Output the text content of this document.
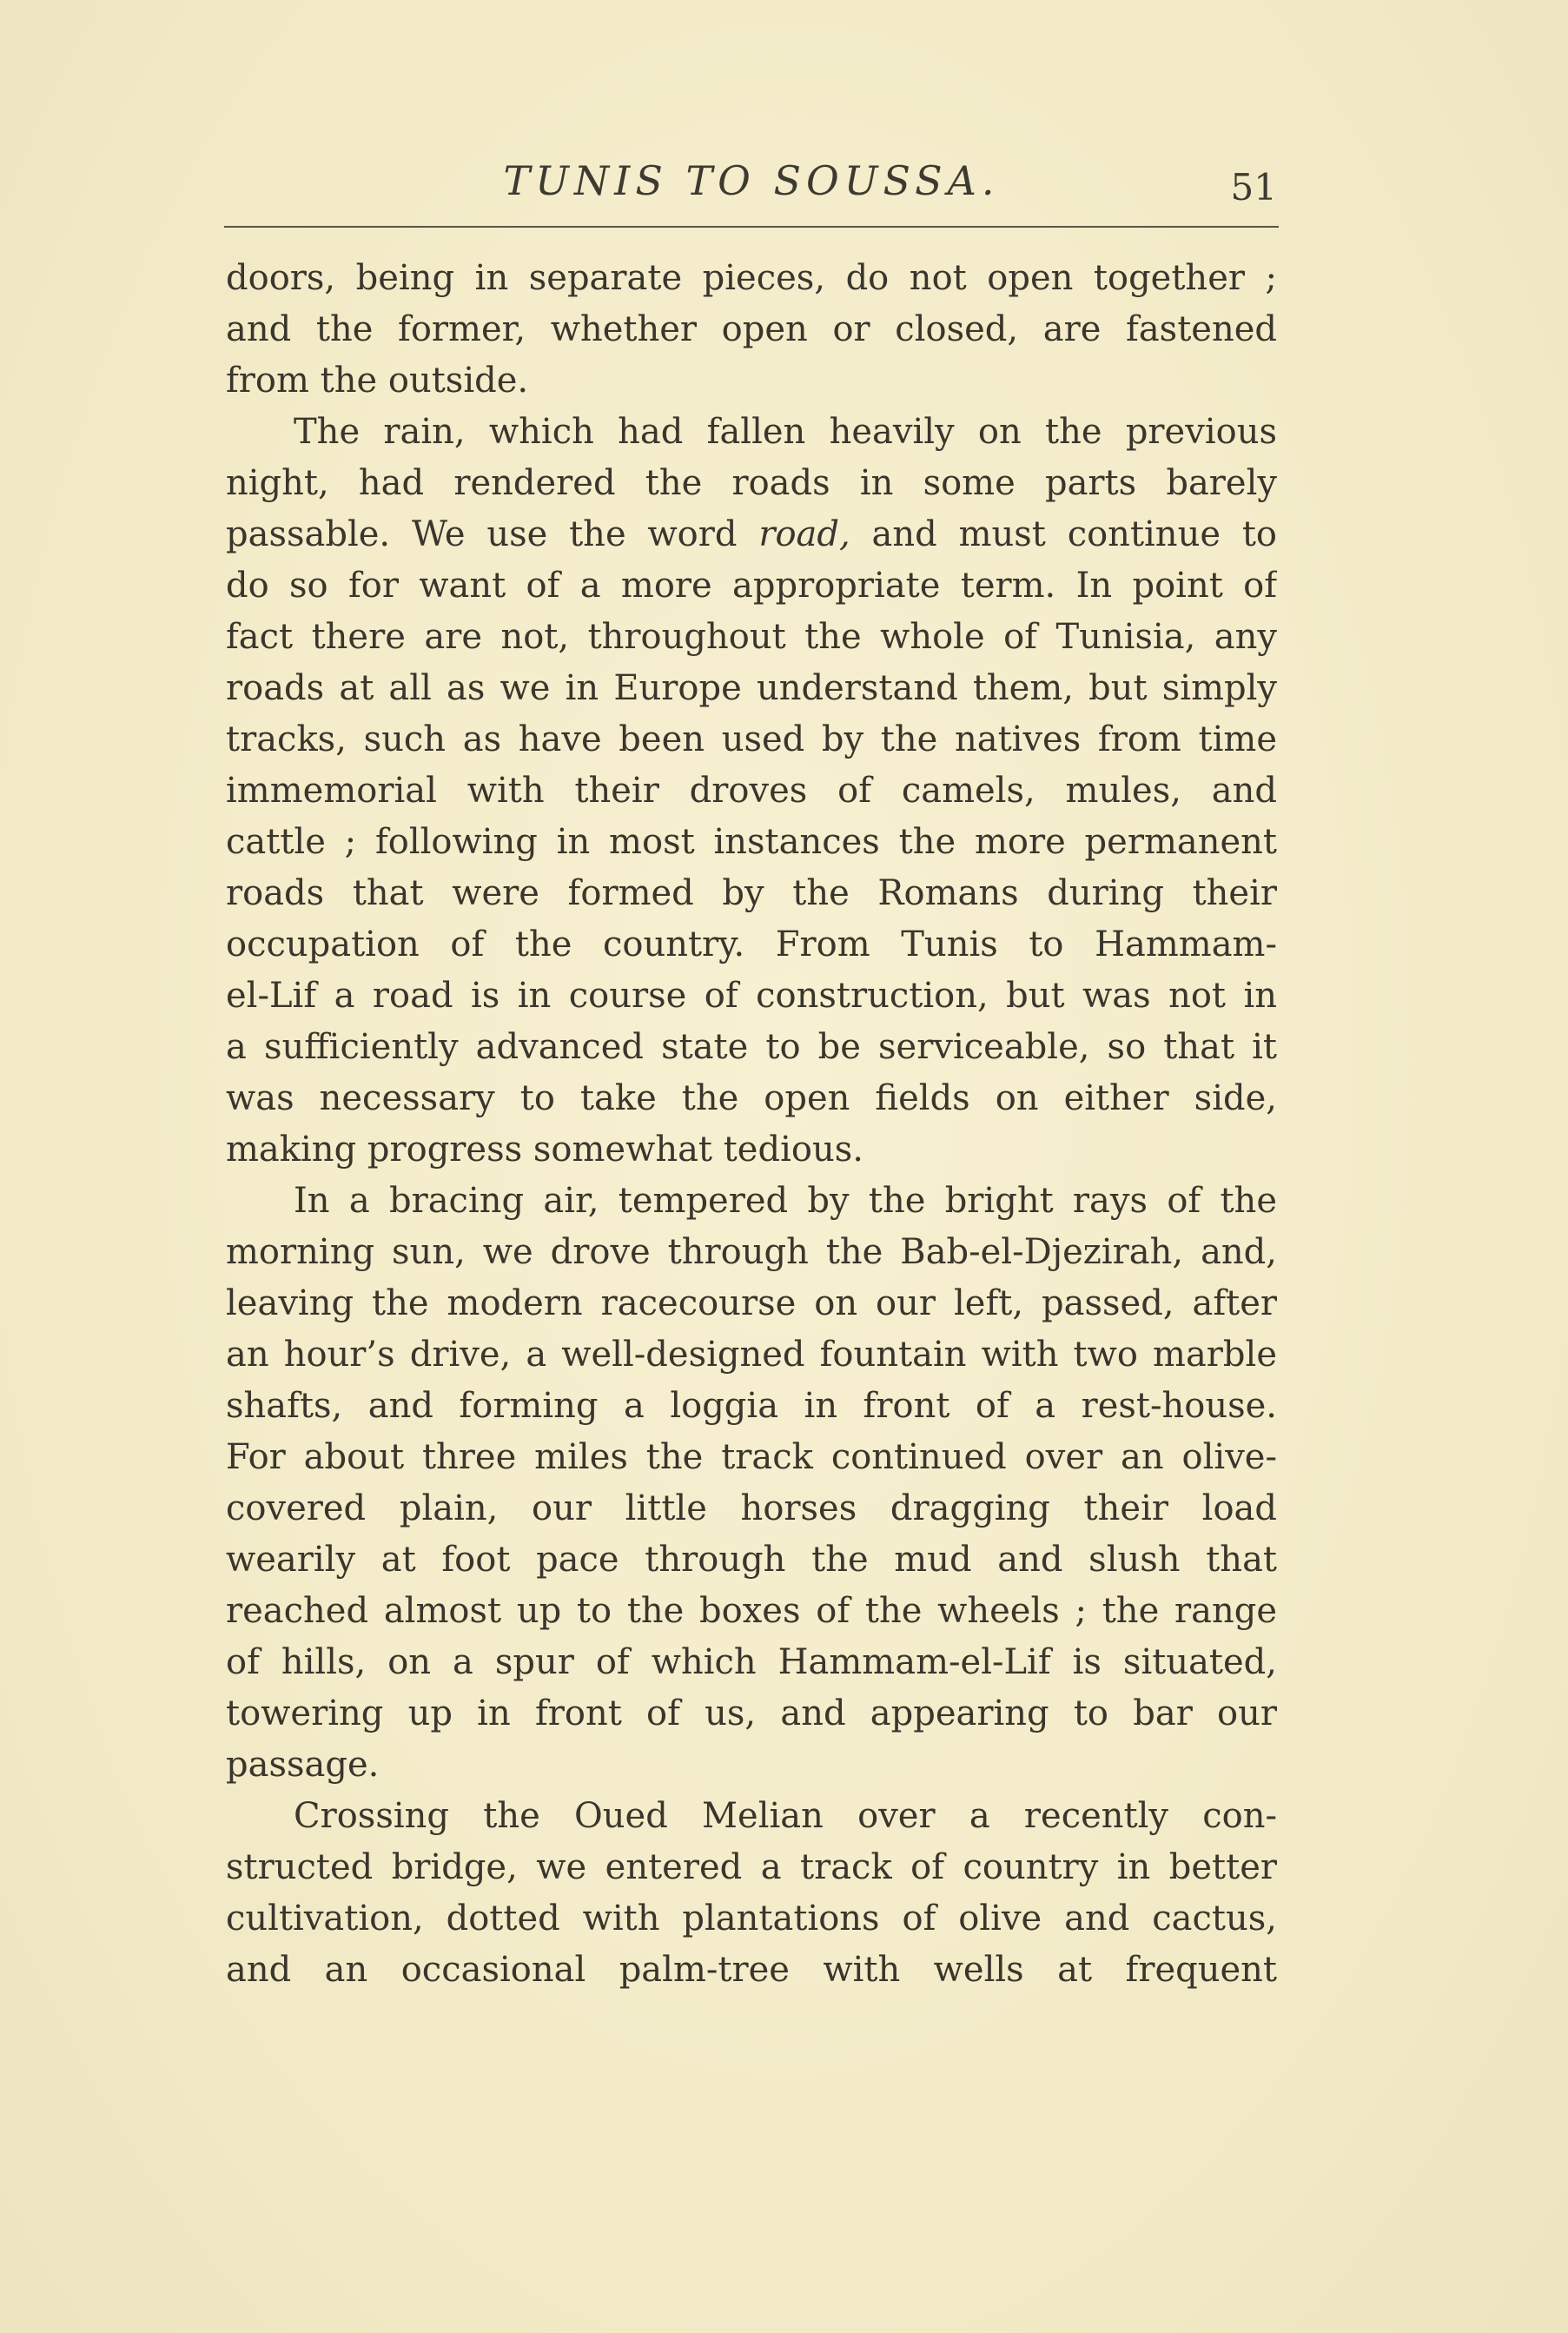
TUNIS TO SOUSSA.	51

doors, being in separate pieces, do not open together ;
and the former, whether open or closed, are fastened
from the outside.

The rain, which had fallen heavily on the previous
night, had rendered the roads in some parts barely
passable. We use the word road, and must continue to
do so for want of a more appropriate term. In point of
fact there are not, throughout the whole of Tunisia, any
roads at all as we in Europe understand them, but simply
tracks, such as have been used by the natives from time
immemorial with their droves of camels, mules, and
cattle ; following in most instances the more permanent
roads that were formed by the Romans during their
occupation of the country. From Tunis to Hammam-
el-Lif a road is in course of construction, but was not in
a sufficiently advanced state to be serviceable, so that it
was necessary to take the open fields on either side,
making progress somewhat tedious.

In a bracing air, tempered by the bright rays of the
morning sun, we drove through the Bab-el-Djezirah, and,
leaving the modern racecourse on our left, passed, after
an hour’s drive, a well-designed fountain with two marble
shafts, and forming a loggia in front of a rest-house.
For about three miles the track continued over an olive-
covered plain, our little horses dragging their load
wearily at foot pace through the mud and slush that
reached almost up to the boxes of the wheels ; the range
of hills, on a spur of which Hammam-el-Lif is situated,
towering up in front of us, and appearing to bar our
passage.

Crossing the Oued Melian over a recently con-
structed bridge, we entered a track of country in better
cultivation, dotted with plantations of olive and cactus,
and an occasional palm-tree with wells at frequent
